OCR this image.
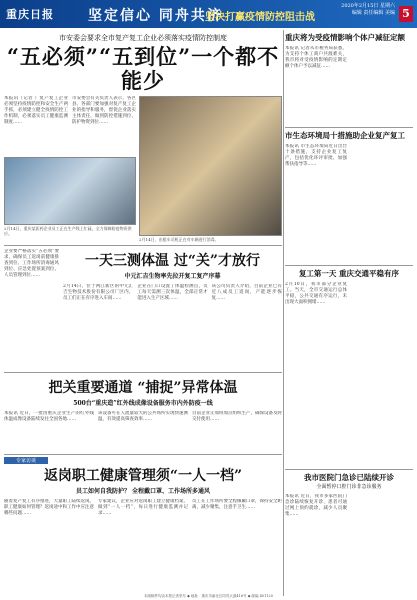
重庆日报 坚定信心 同舟共济
坚决打赢疫情防控阻击战
2020年2月15日 星期六
编辑 责任编辑 美编 5
市安委会要求全市复产复工企业必须落实疫情防控制度
“五必须”“五到位”一个都不能少
本报讯（记者 ）复产复工企业必须坚持疫情防控和安全生产两手抓，必须建立健全疫情防控工作机制，必须落实员工健康监测制度……
市安委会有关负责人表示，各区县、各部门要加强对复产复工企业的指导和服务，督促企业落实主体责任，做到防控措施到位、防护物资到位……
2月14日，重庆某医药企业员工正在生产线上忙碌，全力保障防疫物资供应。
2月14日，出租车司机正在对车辆进行消毒。
企业要严格落实“五必须”要求，确保员工返岗前健康排查到位、工作场所消毒通风到位、应急处置预案到位、人员管理到位……
一天三测体温 过“关”才放行
中元汇吉生物率先拉开复工复产序幕
2月14日，位于两江新区的中元汇吉生物技术股份有限公司厂区内，员工们正在有序进入车间……
企业在门口设置了体温检测点，员工每天需测三次体温，全部正常才能进入生产区域……
该公司负责人介绍，目前企业已有近八成员工返岗，产能逐步恢复……
把关重要通道 “捕捉”异常体温
500台“重庆造”红外线成像设备服务市内外防疫一线
本报讯 近日，一批由重庆企业生产的红外线体温成像设备陆续发往全国各地……
该设备可在人流量较大的公共场所实现快速测温，有效提高筛查效率……
目前企业正加班加点组织生产，确保设备及时交付使用……
专家访谈
返岗职工健康管理须“一人一档”
员工如何自我防护？ 全程戴口罩、工作场所多通风
随着复产复工有序推进，大量职工陆续返岗。职工健康如何管理？返岗途中和工作中应注意哪些问题……
专家建议，企业应对返岗职工建立健康档案，做到“一人一档”，每日进行健康监测并记录……
员工在工作场所要全程佩戴口罩，保持安全距离，减少聚集，注意手卫生……
重庆将为受疫情影响个体户减征定额
本报讯 记者从市税务局获悉，为支持个体工商户共渡难关，我市将对受疫情影响的定期定额个体户予以减征……
市生态环境局十措施助企业复产复工
本报讯 市生态环境局近日出台十条措施，支持企业复工复产，包括优化环评审批、加强帮扶指导等……
复工第一天 重庆交通平稳有序
2月10日，我市部分企业复工。当天，全市交通运行总体平稳，公共交通有序运行，未出现大面积拥堵……
我市医院门急诊已陆续开诊
全面暂停口腔门诊非急诊服务
本报讯 近日，我市多家医院门急诊陆续恢复开诊，患者可通过网上预约就诊，减少人员聚集……
本版稿件均由本报记者采写 ◆ 地址：重庆市渝北区同茂大道416号 ◆ 邮编 401120
